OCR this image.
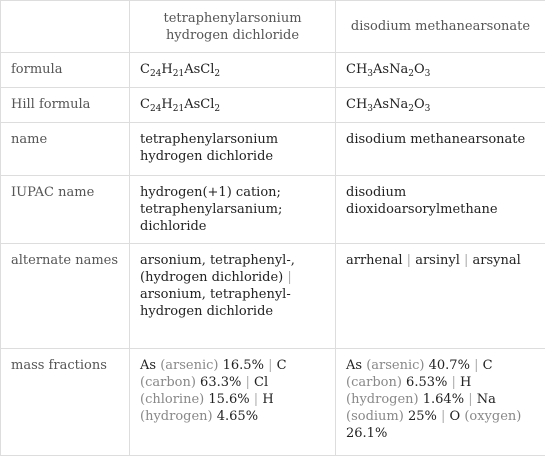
	tetraphenylarsonium hydrogen dichloride	disodium methanearsonate
formula	$C_{24}H_{21}AsCl_2$	$CH_3AsNa_2O_3$
Hill formula	$C_{24}H_{21}AsCl_2$	$CH_3AsNa_2O_3$
name	tetraphenylarsonium hydrogen dichloride	disodium methanearsonate
IUPAC name	hydrogen(+1) cation; tetraphenylarsanium; dichloride	disodium dioxidoarsorylmethane
alternate names	arsonium, tetraphenyl-,(hydrogen dichloride) | arsonium, tetraphenyl-hydrogen dichloride	arrhenal | arsinyl | arsynal
mass fractions	As (arsenic) 16.5% | C (carbon) 63.3% | Cl (chlorine) 15.6% | H (hydrogen) 4.65%	As (arsenic) 40.7% | C (carbon) 6.53% | H (hydrogen) 1.64% | Na (sodium) 25% | O (oxygen) 26.1%
